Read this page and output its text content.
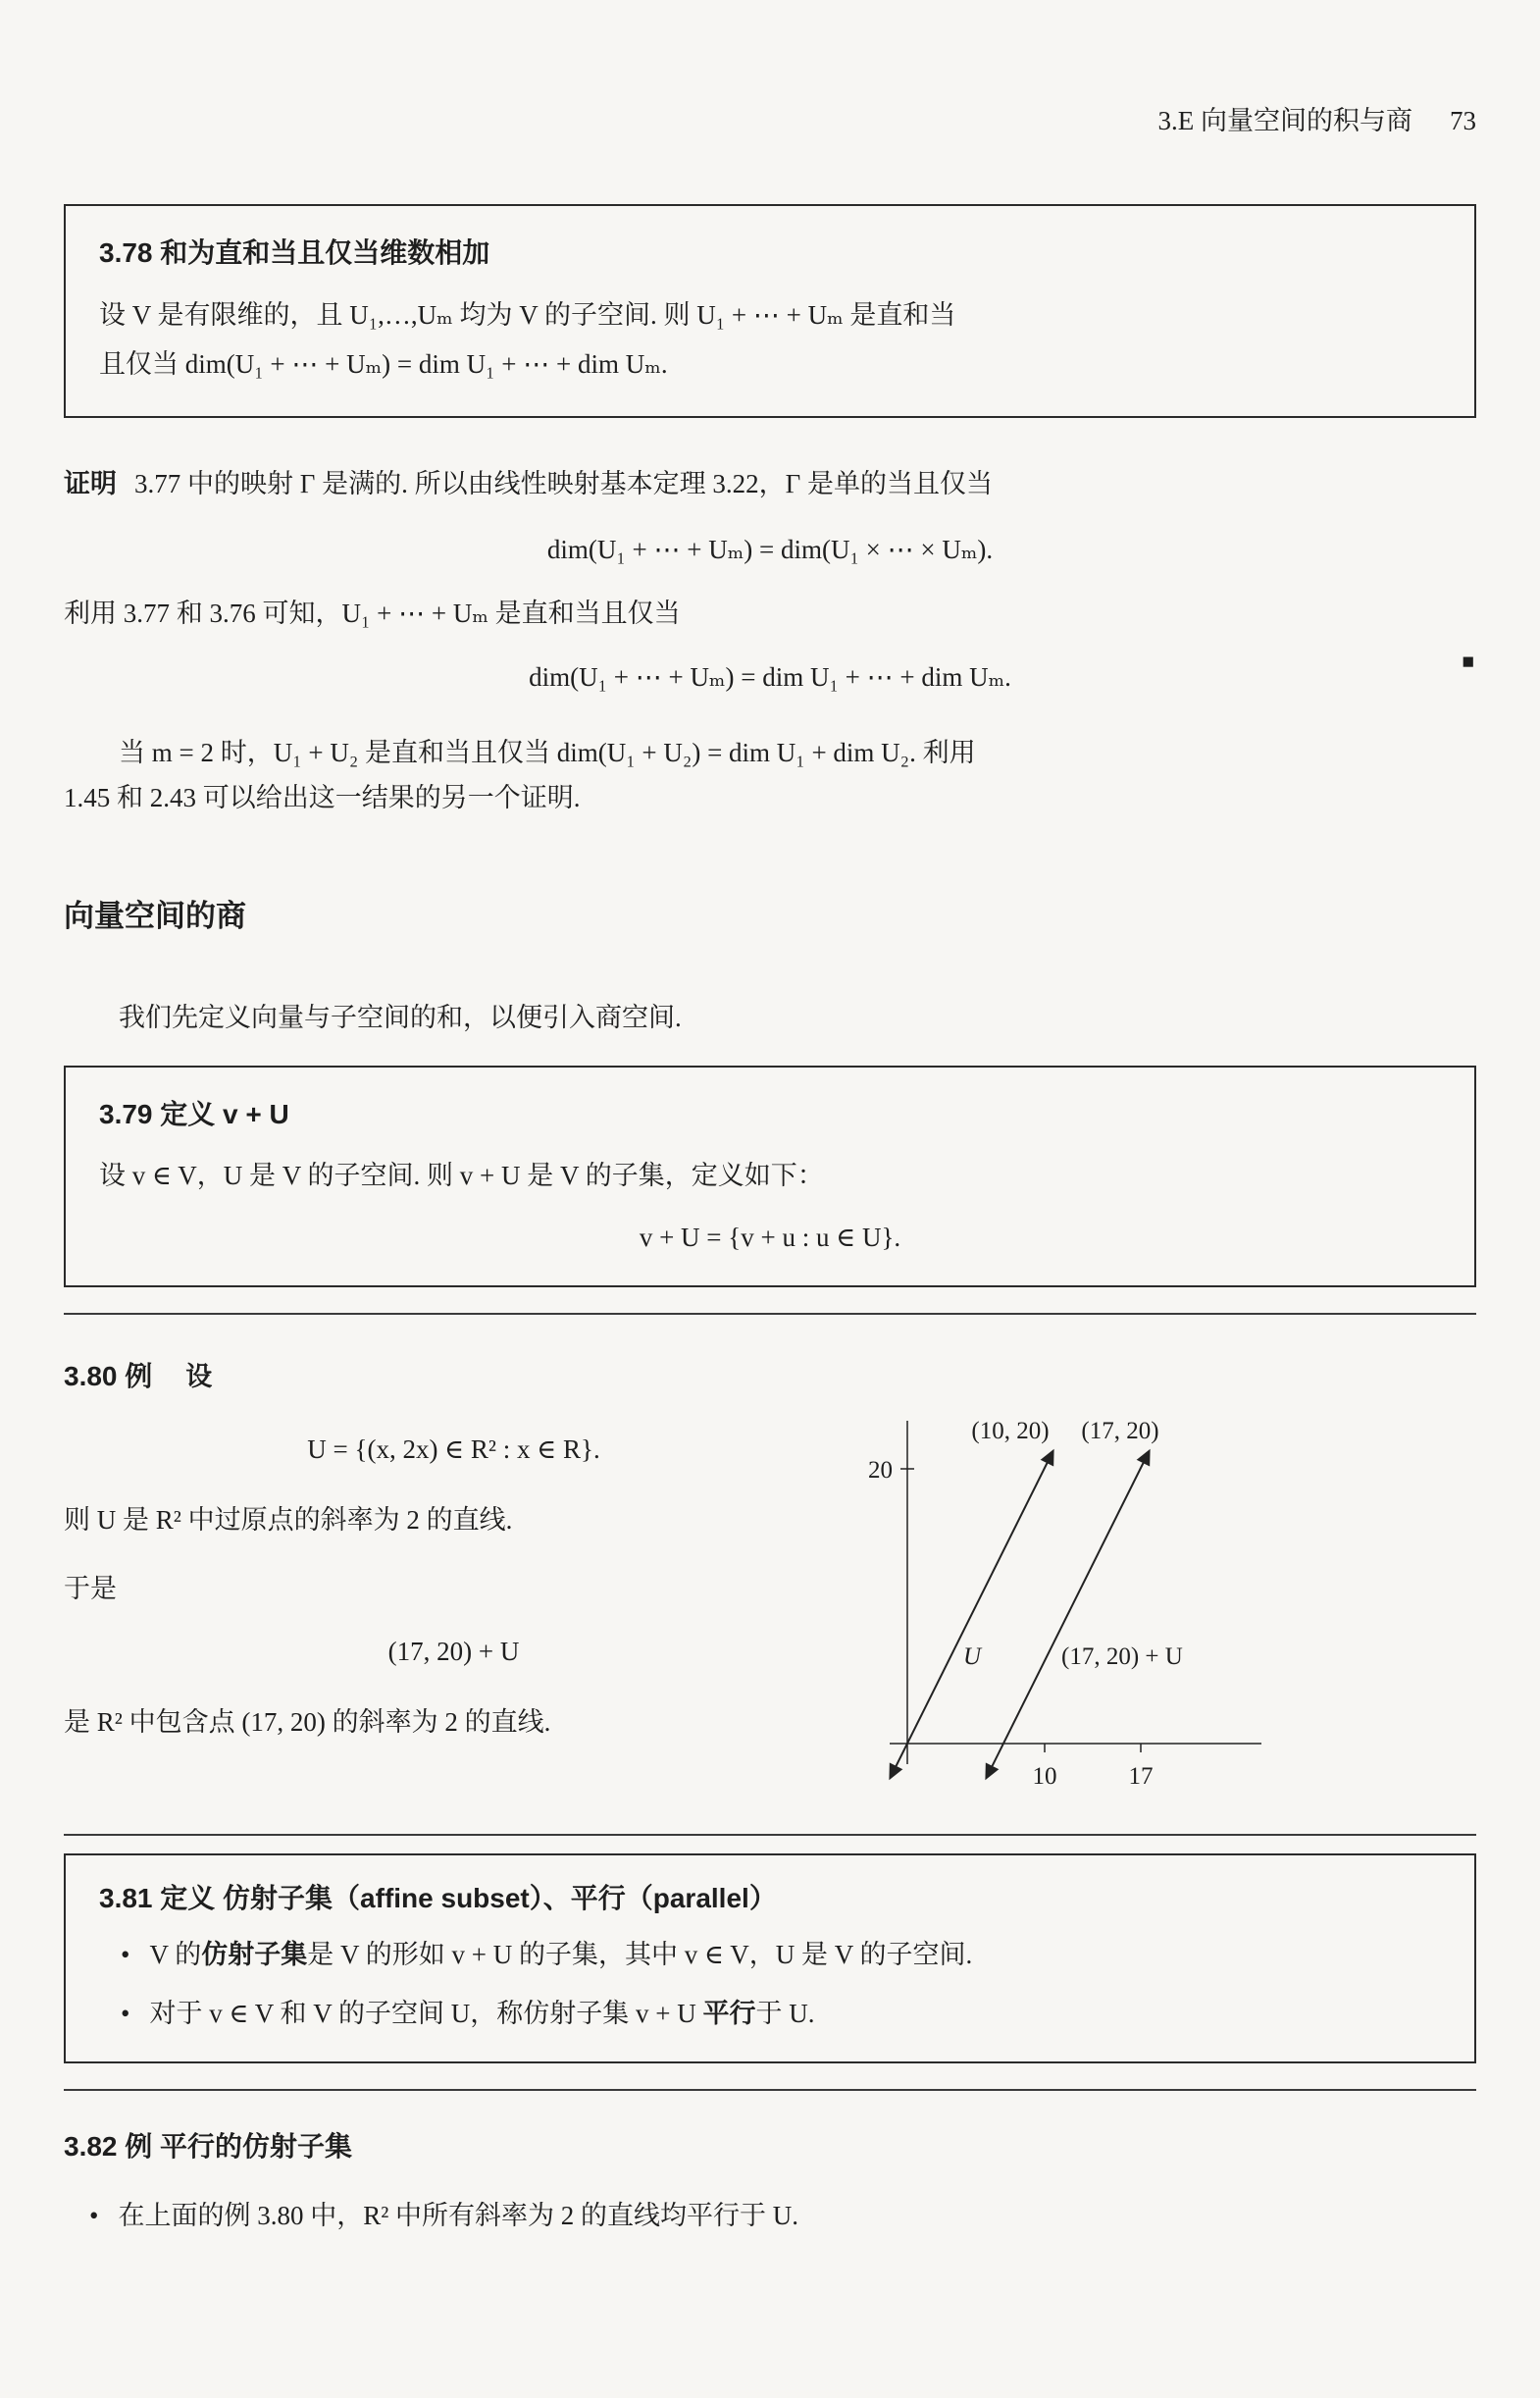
3.E 向量空间的积与商 73
3.78 和为直和当且仅当维数相加
设 V 是有限维的，且 U₁,…,Uₘ 均为 V 的子空间. 则 U₁ + ⋯ + Uₘ 是直和当
且仅当 dim(U₁ + ⋯ + Uₘ) = dim U₁ + ⋯ + dim Uₘ.

证明 3.77 中的映射 Γ 是满的. 所以由线性映射基本定理 3.22，Γ 是单的当且仅当

dim(U₁ + ⋯ + Uₘ) = dim(U₁ × ⋯ × Uₘ).

利用 3.77 和 3.76 可知，U₁ + ⋯ + Uₘ 是直和当且仅当

dim(U₁ + ⋯ + Uₘ) = dim U₁ + ⋯ + dim Uₘ.
■
当 m = 2 时，U₁ + U₂ 是直和当且仅当 dim(U₁ + U₂) = dim U₁ + dim U₂. 利用
1.45 和 2.43 可以给出这一结果的另一个证明.
向量空间的商

我们先定义向量与子空间的和，以便引入商空间.

3.79 定义 v + U
设 v ∈ V，U 是 V 的子空间. 则 v + U 是 V 的子集，定义如下：
v + U = {v + u : u ∈ U}.
3.80 例 设
U = {(x, 2x) ∈ R² : x ∈ R}.

则 U 是 R² 中过原点的斜率为 2 的直线.

于是

(17, 20) + U

是 R² 中包含点 (17, 20) 的斜率为 2 的直线.

20
10	17
(10, 20) (17, 20)
U	(17, 20) + U
3.81 定义 仿射子集（affine subset）、平行（parallel）
• V 的仿射子集是 V 的形如 v + U 的子集，其中 v ∈ V，U 是 V 的子空间.
• 对于 v ∈ V 和 V 的子空间 U，称仿射子集 v + U 平行于 U.
3.82 例 平行的仿射子集
• 在上面的例 3.80 中，R² 中所有斜率为 2 的直线均平行于 U.
